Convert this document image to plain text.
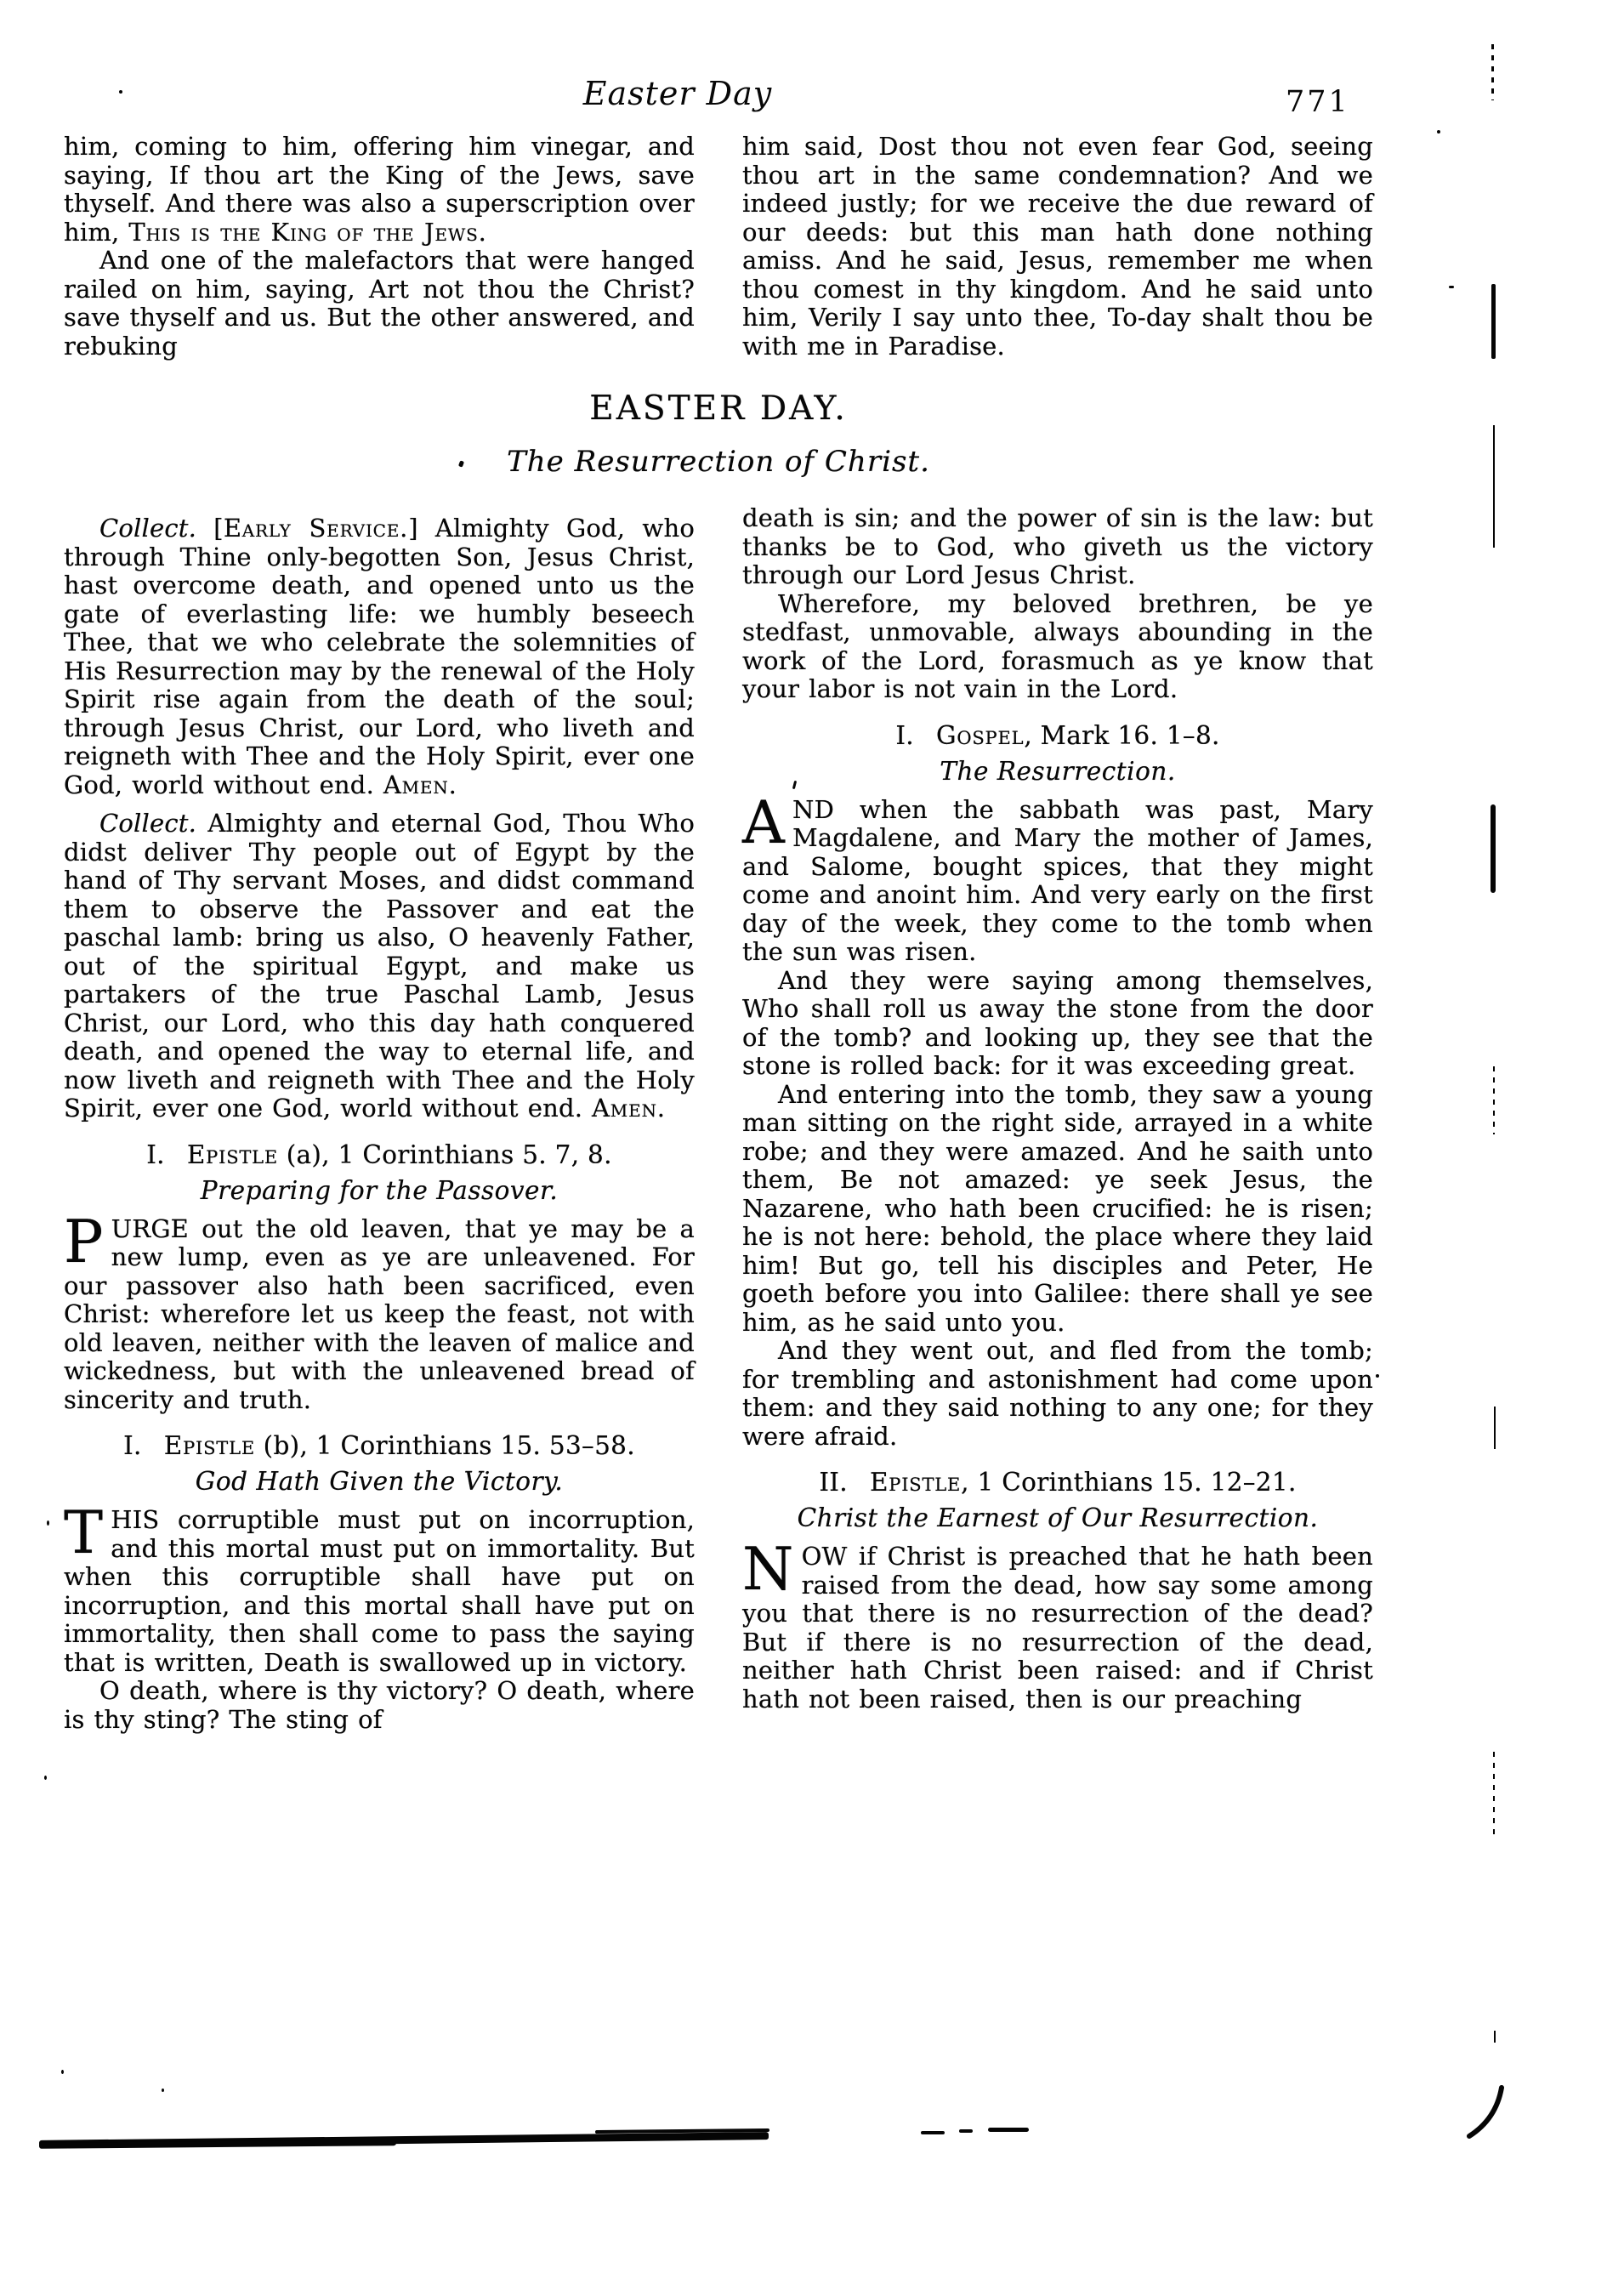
Easter Day	771

him, coming to him, offering him vinegar, and saying, If thou art the King of the Jews, save thyself. And there was also a superscription over him, This is the King of the Jews.

And one of the malefactors that were hanged railed on him, saying, Art not thou the Christ? save thyself and us. But the other answered, and rebuking

him said, Dost thou not even fear God, seeing thou art in the same condemnation? And we indeed justly; for we receive the due reward of our deeds: but this man hath done nothing amiss. And he said, Jesus, remember me when thou comest in thy kingdom. And he said unto him, Verily I say unto thee, To-day shalt thou be with me in Paradise.

EASTER DAY.
The Resurrection of Christ.

Collect. [Early Service.] Almighty God, who through Thine only-begotten Son, Jesus Christ, hast overcome death, and opened unto us the gate of everlasting life: we humbly beseech Thee, that we who celebrate the solemnities of His Resurrection may by the renewal of the Holy Spirit rise again from the death of the soul; through Jesus Christ, our Lord, who liveth and reigneth with Thee and the Holy Spirit, ever one God, world without end. Amen.

Collect. Almighty and eternal God, Thou Who didst deliver Thy people out of Egypt by the hand of Thy servant Moses, and didst command them to observe the Passover and eat the paschal lamb: bring us also, O heavenly Father, out of the spiritual Egypt, and make us partakers of the true Paschal Lamb, Jesus Christ, our Lord, who this day hath conquered death, and opened the way to eternal life, and now liveth and reigneth with Thee and the Holy Spirit, ever one God, world without end. Amen.

I. Epistle (a), 1 Corinthians 5. 7, 8.
Preparing for the Passover.

PURGE out the old leaven, that ye may be a new lump, even as ye are unleavened. For our passover also hath been sacrificed, even Christ: wherefore let us keep the feast, not with old leaven, neither with the leaven of malice and wickedness, but with the unleavened bread of sincerity and truth.

I. Epistle (b), 1 Corinthians 15. 53–58.
God Hath Given the Victory.

THIS corruptible must put on incorruption, and this mortal must put on immortality. But when this corruptible shall have put on incorruption, and this mortal shall have put on immortality, then shall come to pass the saying that is written, Death is swallowed up in victory.

O death, where is thy victory? O death, where is thy sting? The sting of

death is sin; and the power of sin is the law: but thanks be to God, who giveth us the victory through our Lord Jesus Christ.

Wherefore, my beloved brethren, be ye stedfast, unmovable, always abounding in the work of the Lord, forasmuch as ye know that your labor is not vain in the Lord.

I. Gospel, Mark 16. 1–8.
The Resurrection.

AND when the sabbath was past, Mary Magdalene, and Mary the mother of James, and Salome, bought spices, that they might come and anoint him. And very early on the first day of the week, they come to the tomb when the sun was risen.

And they were saying among themselves, Who shall roll us away the stone from the door of the tomb? and looking up, they see that the stone is rolled back: for it was exceeding great.

And entering into the tomb, they saw a young man sitting on the right side, arrayed in a white robe; and they were amazed. And he saith unto them, Be not amazed: ye seek Jesus, the Nazarene, who hath been crucified: he is risen; he is not here: behold, the place where they laid him! But go, tell his disciples and Peter, He goeth before you into Galilee: there shall ye see him, as he said unto you.

And they went out, and fled from the tomb; for trembling and astonishment had come upon them: and they said nothing to any one; for they were afraid.

II. Epistle, 1 Corinthians 15. 12–21.
Christ the Earnest of Our Resurrection.

NOW if Christ is preached that he hath been raised from the dead, how say some among you that there is no resurrection of the dead? But if there is no resurrection of the dead, neither hath Christ been raised: and if Christ hath not been raised, then is our preaching
